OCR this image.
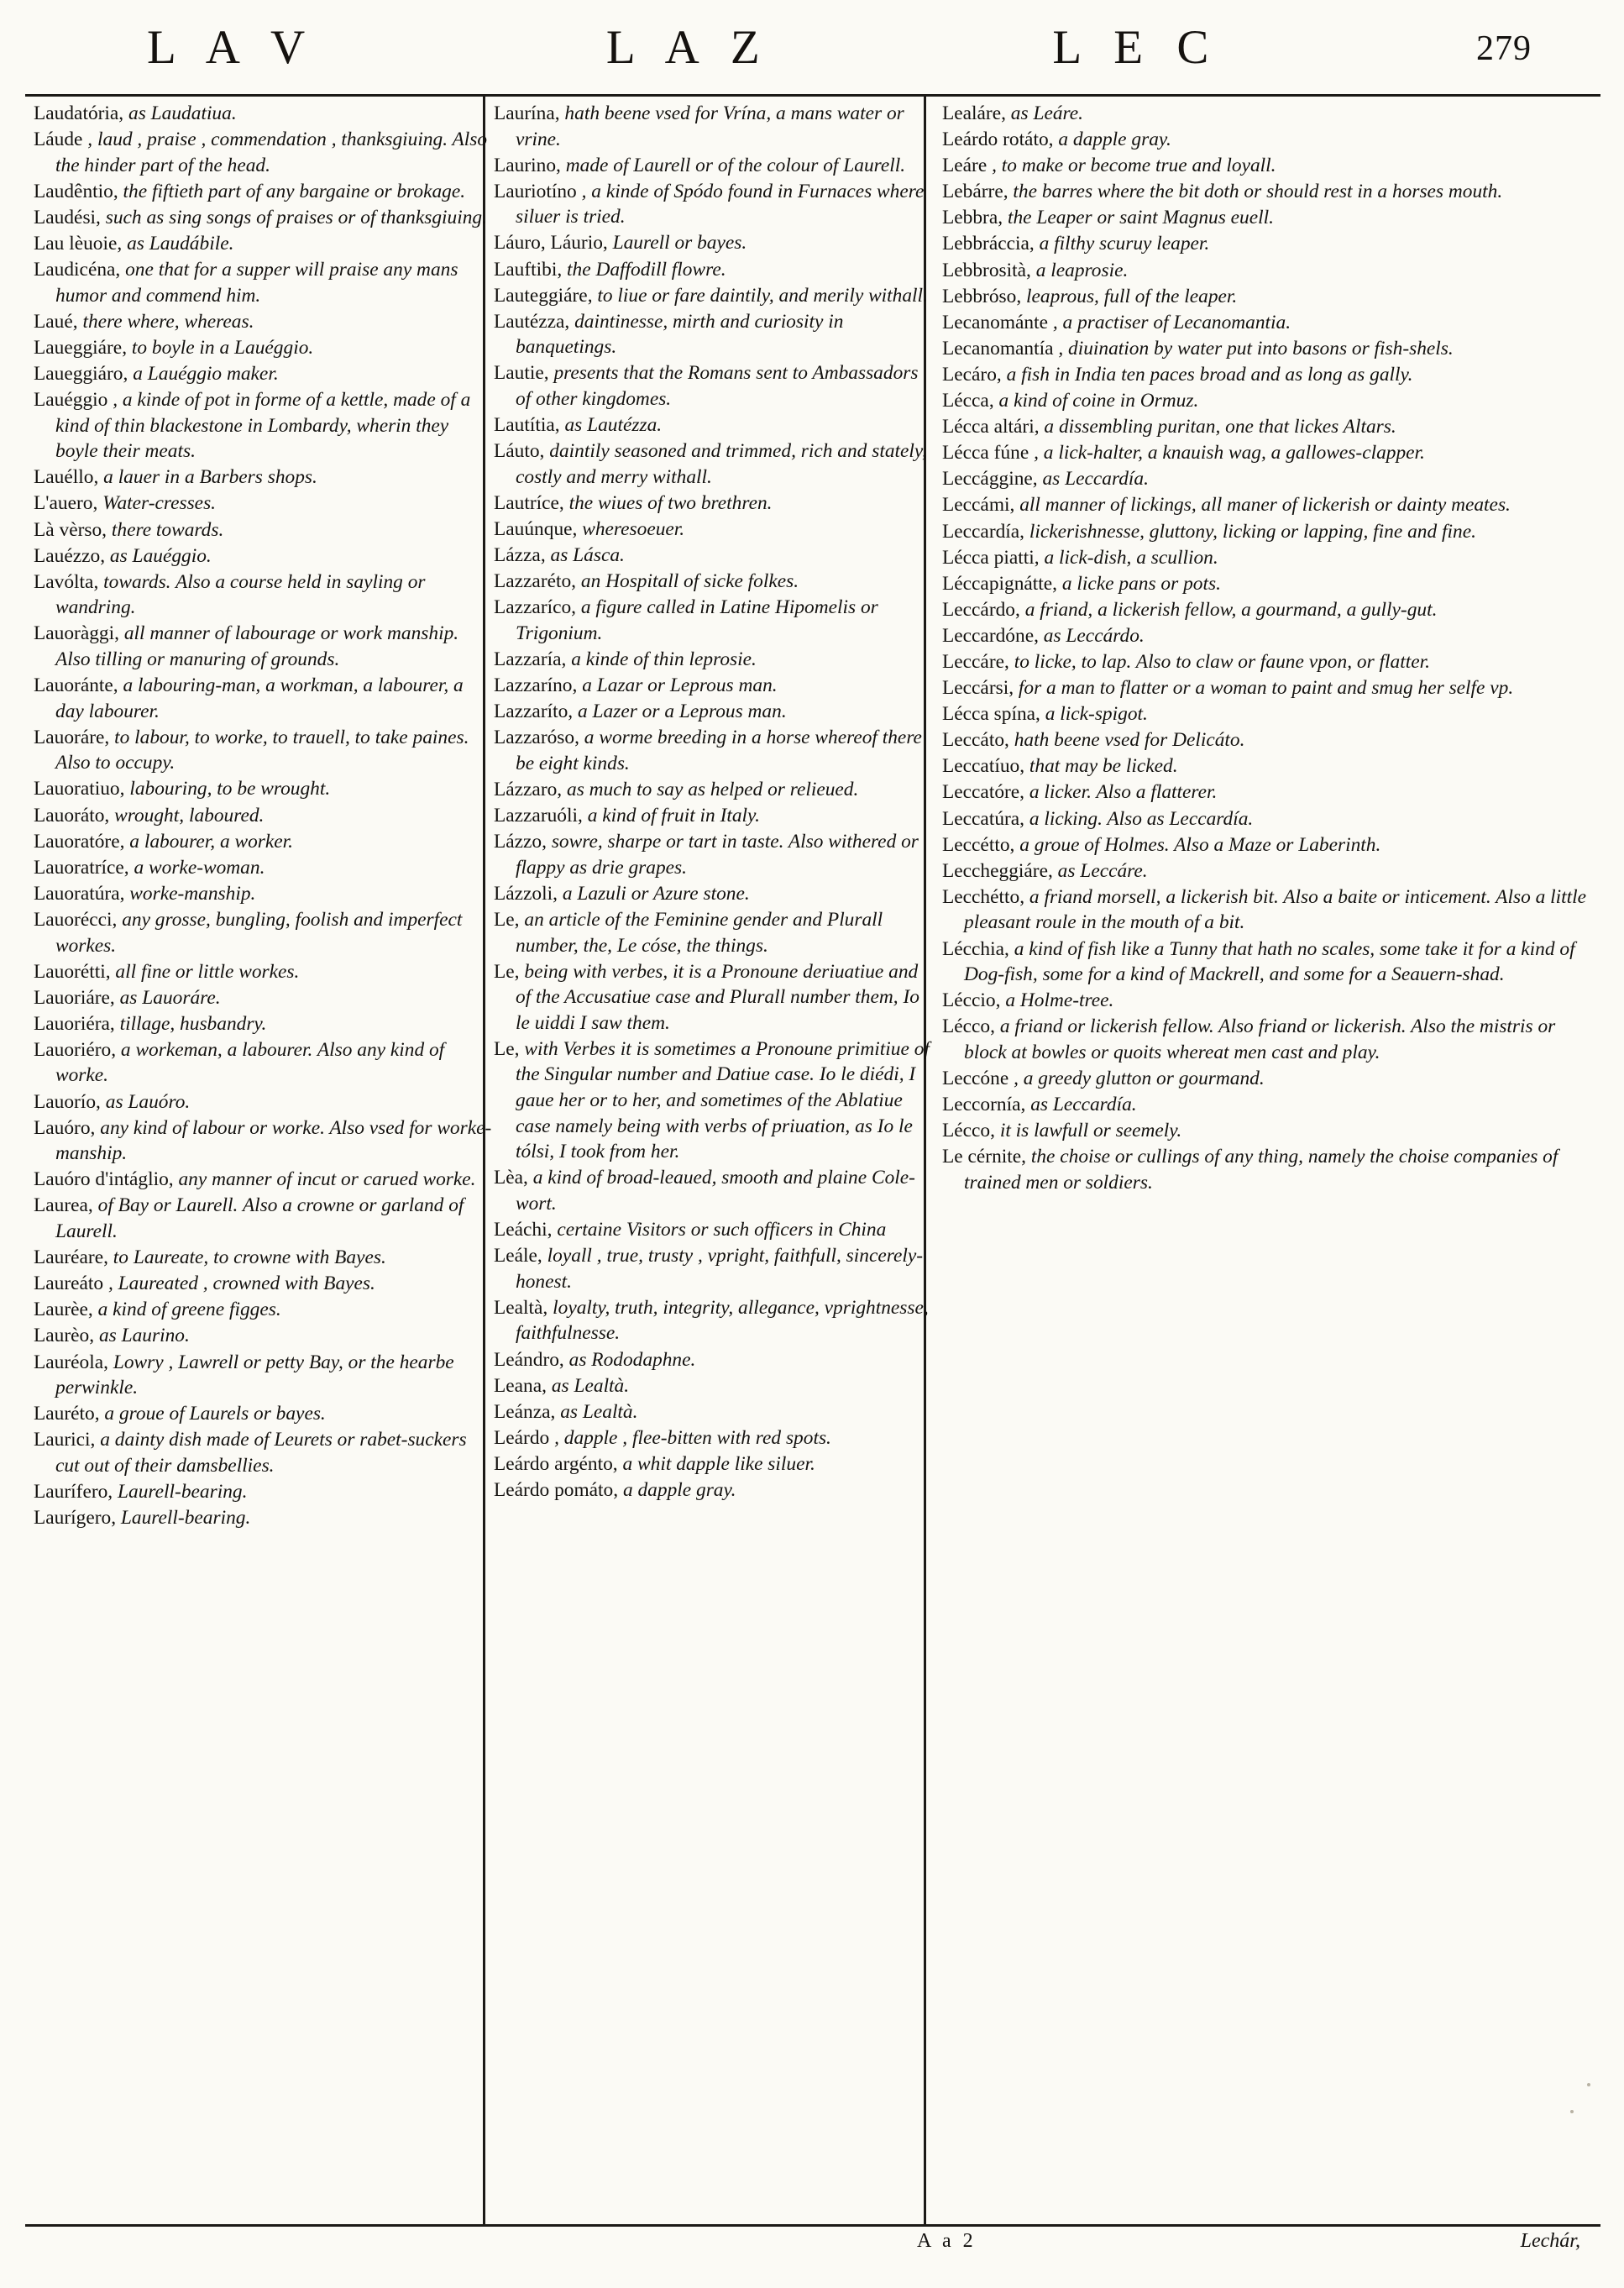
L A V	L A Z	L E C	279

Laudatória, as Laudatiua.

Láude , laud , praise , commendation , thanksgiuing. Also the hinder part of the head.

Laudêntio, the fiftieth part of any bargaine or brokage.

Laudési, such as sing songs of praises or of thanksgiuing.

Lau lèuoie, as Laudábile.

Laudicéna, one that for a supper will praise any mans humor and commend him.

Laué, there where, whereas.

Laueggiáre, to boyle in a Lauéggio.

Laueggiáro, a Lauéggio maker.

Lauéggio , a kinde of pot in forme of a kettle, made of a kind of thin blackestone in Lombardy, wherin they boyle their meats.

Lauéllo, a lauer in a Barbers shops.

L'auero, Water-cresses.

Là vèrso, there towards.

Lauézzo, as Lauéggio.

Lavólta, towards. Also a course held in sayling or wandring.

Lauoràggi, all manner of labourage or work manship. Also tilling or manuring of grounds.

Lauoránte, a labouring-man, a workman, a labourer, a day labourer.

Lauoráre, to labour, to worke, to trauell, to take paines. Also to occupy.

Lauoratiuo, labouring, to be wrought.

Lauoráto, wrought, laboured.

Lauoratóre, a labourer, a worker.

Lauoratríce, a worke-woman.

Lauoratúra, worke-manship.

Lauorécci, any grosse, bungling, foolish and imperfect workes.

Lauorétti, all fine or little workes.

Lauoriáre, as Lauoráre.

Lauoriéra, tillage, husbandry.

Lauoriéro, a workeman, a labourer. Also any kind of worke.

Lauorío, as Lauóro.

Lauóro, any kind of labour or worke. Also vsed for worke-manship.

Lauóro d'intáglio, any manner of incut or carued worke.

Laurea, of Bay or Laurell. Also a crowne or garland of Laurell.

Lauréare, to Laureate, to crowne with Bayes.

Laureáto , Laureated , crowned with Bayes.

Laurèe, a kind of greene figges.

Laurèo, as Laurino.

Lauréola, Lowry , Lawrell or petty Bay, or the hearbe perwinkle.

Lauréto, a groue of Laurels or bayes.

Laurici, a dainty dish made of Leurets or rabet-suckers cut out of their damsbellies.

Laurífero, Laurell-bearing.

Laurígero, Laurell-bearing.

Laurína, hath beene vsed for Vrína, a mans water or vrine.

Laurino, made of Laurell or of the colour of Laurell.

Lauriotíno , a kinde of Spódo found in Furnaces where siluer is tried.

Láuro, Láurio, Laurell or bayes.

Lauftibi, the Daffodill flowre.

Lauteggiáre, to liue or fare daintily, and merily withall.

Lautézza, daintinesse, mirth and curiosity in banquetings.

Lautie, presents that the Romans sent to Ambassadors of other kingdomes.

Lautítia, as Lautézza.

Láuto, daintily seasoned and trimmed, rich and stately, costly and merry withall.

Lautríce, the wiues of two brethren.

Lauúnque, wheresoeuer.

Lázza, as Lásca.

Lazzaréto, an Hospitall of sicke folkes.

Lazzaríco, a figure called in Latine Hipomelis or Trigonium.

Lazzaría, a kinde of thin leprosie.

Lazzaríno, a Lazar or Leprous man.

Lazzaríto, a Lazer or a Leprous man.

Lazzarósо, a worme breeding in a horse whereof there be eight kinds.

Lázzaro, as much to say as helped or relieued.

Lazzaruóli, a kind of fruit in Italy.

Lázzo, sowre, sharpe or tart in taste. Also withered or flappy as drie grapes.

Lázzoli, a Lazuli or Azure stone.

Le, an article of the Feminine gender and Plurall number, the, Le cóse, the things.

Le, being with verbes, it is a Pronoune deriuatiue and of the Accusatiue case and Plurall number them, Io le uiddi I saw them.

Le, with Verbes it is sometimes a Pronoune primitiue of the Singular number and Datiue case. Io le diédi, I gaue her or to her, and sometimes of the Ablatiue case namely being with verbs of priuation, as Io le tólsi, I took from her.

Lèa, a kind of broad-leaued, smooth and plaine Cole-wort.

Leáchi, certaine Visitors or such officers in China

Leále, loyall , true, trusty , vpright, faithfull, sincerely-honest.

Lealtà, loyalty, truth, integrity, allegance, vprightnesse, faithfulnesse.

Leándro, as Rododaphne.

Leana, as Lealtà.

Leánza, as Lealtà.

Leárdo , dapple , flee-bitten with red spots.

Leárdo argénto, a whit dapple like siluer.

Leárdo pomáto, a dapple gray.

Lealáre, as Leáre.

Leárdo rotáto, a dapple gray.

Leáre , to make or become true and loyall.

Lebárre, the barres where the bit doth or should rest in a horses mouth.

Lebbra, the Leaper or saint Magnus euell.

Lebbráccia, a filthy scuruy leaper.

Lebbrosità, a leaprosie.

Lebbróso, leaprous, full of the leaper.

Lecanománte , a practiser of Lecanomantia.

Lecanomantía , diuination by water put into basons or fish-shels.

Lecáro, a fish in India ten paces broad and as long as gally.

Lécca, a kind of coine in Ormuz.

Lécca altári, a dissembling puritan, one that lickes Altars.

Lécca fúne , a lick-halter, a knauish wag, a gallowes-clapper.

Leccággine, as Leccardía.

Leccámi, all manner of lickings, all maner of lickerish or dainty meates.

Leccardía, lickerishnesse, gluttony, licking or lapping, fine and fine.

Lécca piatti, a lick-dish, a scullion.

Léccapignátte, a licke pans or pots.

Leccárdo, a friand, a lickerish fellow, a gourmand, a gully-gut.

Leccardóne, as Leccárdo.

Leccáre, to licke, to lap. Also to claw or faune vpon, or flatter.

Leccársi, for a man to flatter or a woman to paint and smug her selfe vp.

Lécca spína, a lick-spigot.

Leccáto, hath beene vsed for Delicáto.

Leccatíuo, that may be licked.

Leccatóre, a licker. Also a flatterer.

Leccatúra, a licking. Also as Leccardía.

Leccétto, a groue of Holmes. Also a Maze or Laberinth.

Leccheggiáre, as Leccáre.

Lecchétto, a friand morsell, a lickerish bit. Also a baite or inticement. Also a little pleasant roule in the mouth of a bit.

Lécchia, a kind of fish like a Tunny that hath no scales, some take it for a kind of Dog-fish, some for a kind of Mackrell, and some for a Seauern-shad.

Léccio, a Holme-tree.

Lécco, a friand or lickerish fellow. Also friand or lickerish. Also the mistris or block at bowles or quoits whereat men cast and play.

Leccóne , a greedy glutton or gourmand.

Leccornía, as Leccardía.

Lécco, it is lawfull or seemely.

Le cérnite, the choise or cullings of any thing, namely the choise companies of trained men or soldiers.

A a 2	Lechár,
